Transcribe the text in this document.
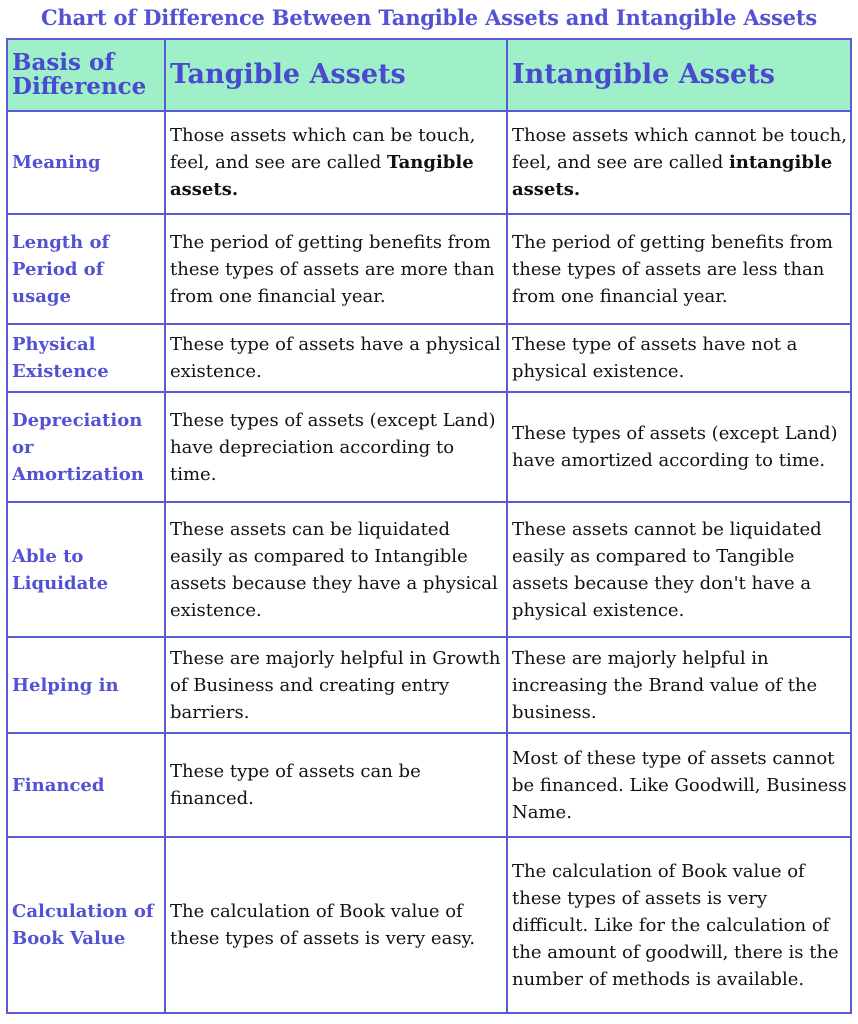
Chart of Difference Between Tangible Assets and Intangible Assets
Basis of Difference	Tangible Assets	Intangible Assets
Meaning	Those assets which can be touch, feel, and see are called Tangible assets.	Those assets which cannot be touch, feel, and see are called intangible assets.
Length of Period of usage	The period of getting benefits from these types of assets are more than from one financial year.	The period of getting benefits from these types of assets are less than from one financial year.
Physical Existence	These type of assets have a physical existence.	These type of assets have not a physical existence.
Depreciation or Amortization	These types of assets (except Land) have depreciation according to time.	These types of assets (except Land) have amortized according to time.
Able to Liquidate	These assets can be liquidated easily as compared to Intangible assets because they have a physical existence.	These assets cannot be liquidated easily as compared to Tangible assets because they don't have a physical existence.
Helping in	These are majorly helpful in Growth of Business and creating entry barriers.	These are majorly helpful in increasing the Brand value of the business.
Financed	These type of assets can be financed.	Most of these type of assets cannot be financed. Like Goodwill, Business Name.
Calculation of Book Value	The calculation of Book value of these types of assets is very easy.	The calculation of Book value of these types of assets is very difficult. Like for the calculation of the amount of goodwill, there is the number of methods is available.
